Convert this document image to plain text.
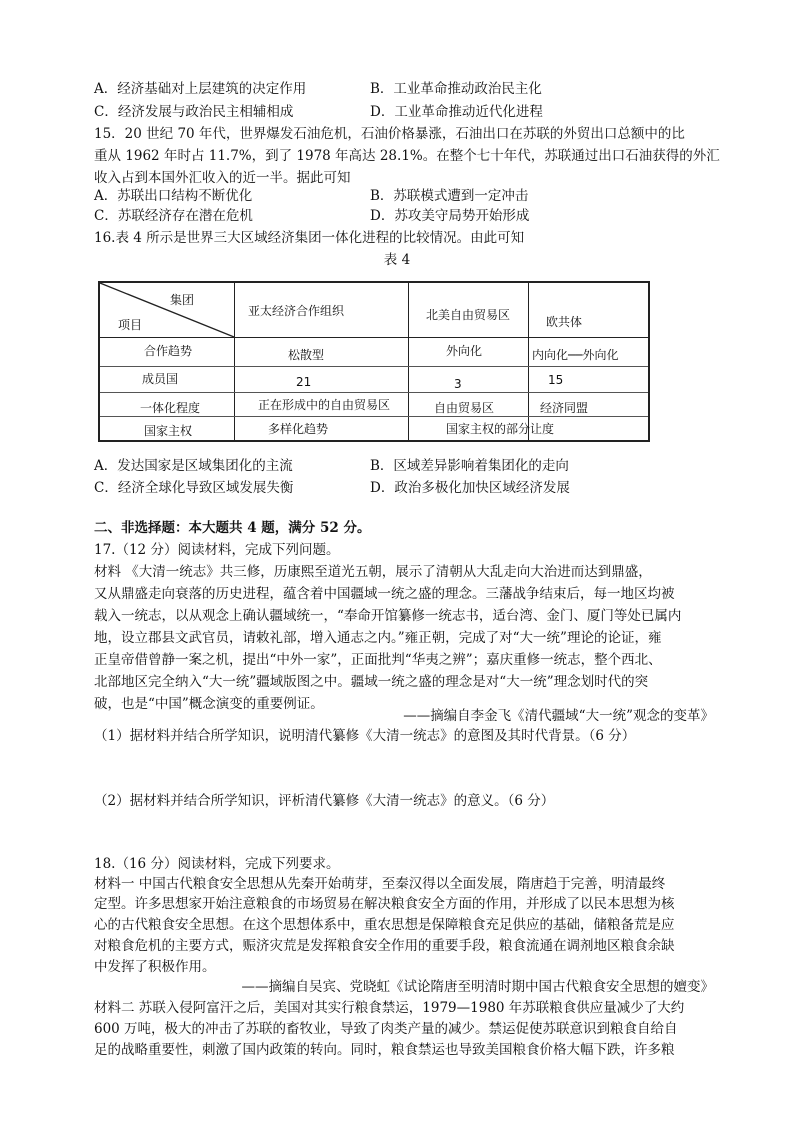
A．经济基础对上层建筑的决定作用	B．工业革命推动政治民主化
C．经济发展与政治民主相辅相成	D．工业革命推动近代化进程
15．20 世纪 70 年代，世界爆发石油危机，石油价格暴涨，石油出口在苏联的外贸出口总额中的比
重从 1962 年时占 11.7%，到了 1978 年高达 28.1%。在整个七十年代，苏联通过出口石油获得的外汇
收入占到本国外汇收入的近一半。据此可知
A．苏联出口结构不断优化	B．苏联模式遭到一定冲击
C．苏联经济存在潜在危机	D．苏攻美守局势开始形成
16.表 4 所示是世界三大区域经济集团一体化进程的比较情况。由此可知
表 4
集团
项目
亚太经济合作组织	北美自由贸易区	欧共体
合作趋势	松散型	外向化	内向化──外向化
成员国	21	3	15
一体化程度	正在形成中的自由贸易区	自由贸易区	经济同盟
国家主权	多样化趋势	国家主权的部分让度
A．发达国家是区域集团化的主流	B．区域差异影响着集团化的走向
C．经济全球化导致区域发展失衡	D．政治多极化加快区域经济发展
二、非选择题：本大题共 4 题，满分 52 分。
17.（12 分）阅读材料，完成下列问题。
材料 《大清一统志》共三修，历康熙至道光五朝，展示了清朝从大乱走向大治进而达到鼎盛，
又从鼎盛走向衰落的历史进程，蕴含着中国疆域一统之盛的理念。三藩战争结束后，每一地区均被
载入一统志，以从观念上确认疆域统一，“奉命开馆纂修一统志书，适台湾、金门、厦门等处已属内
地，设立郡县文武官员，请敕礼部，增入通志之内。”雍正朝，完成了对“大一统”理论的论证，雍
正皇帝借曾静一案之机，提出“中外一家”，正面批判“华夷之辨”；嘉庆重修一统志，整个西北、
北部地区完全纳入“大一统”疆域版图之中。疆域一统之盛的理念是对“大一统”理念划时代的突
破，也是“中国”概念演变的重要例证。
——摘编自李金飞《清代疆域“大一统”观念的变革》
（1）据材料并结合所学知识，说明清代纂修《大清一统志》的意图及其时代背景。（6 分）
（2）据材料并结合所学知识，评析清代纂修《大清一统志》的意义。（6 分）
18.（16 分）阅读材料，完成下列要求。
材料一 中国古代粮食安全思想从先秦开始萌芽，至秦汉得以全面发展，隋唐趋于完善，明清最终
定型。许多思想家开始注意粮食的市场贸易在解决粮食安全方面的作用，并形成了以民本思想为核
心的古代粮食安全思想。在这个思想体系中，重农思想是保障粮食充足供应的基础，储粮备荒是应
对粮食危机的主要方式，赈济灾荒是发挥粮食安全作用的重要手段，粮食流通在调剂地区粮食余缺
中发挥了积极作用。
——摘编自吴宾、党晓虹《试论隋唐至明清时期中国古代粮食安全思想的嬗变》
材料二 苏联入侵阿富汗之后，美国对其实行粮食禁运，1979—1980 年苏联粮食供应量减少了大约
600 万吨，极大的冲击了苏联的畜牧业，导致了肉类产量的减少。禁运促使苏联意识到粮食自给自
足的战略重要性，刺激了国内政策的转向。同时，粮食禁运也导致美国粮食价格大幅下跌，许多粮
